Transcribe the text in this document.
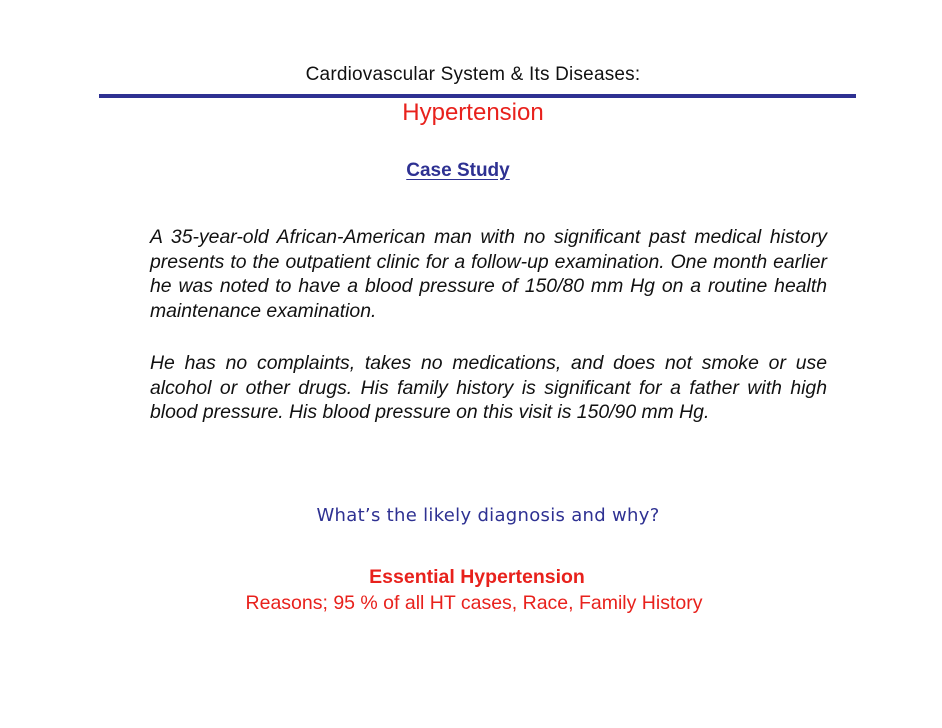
Cardiovascular System & Its Diseases:
Hypertension
Case Study

A 35-year-old African-American man with no significant past medical history presents to the outpatient clinic for a follow-up examination. One month earlier he was noted to have a blood pressure of 150/80 mm Hg on a routine health maintenance examination.

He has no complaints, takes no medications, and does not smoke or use alcohol or other drugs. His family history is significant for a father with high blood pressure. His blood pressure on this visit is 150/90 mm Hg.

What’s the likely diagnosis and why?
Essential Hypertension
Reasons; 95 % of all HT cases, Race, Family History
